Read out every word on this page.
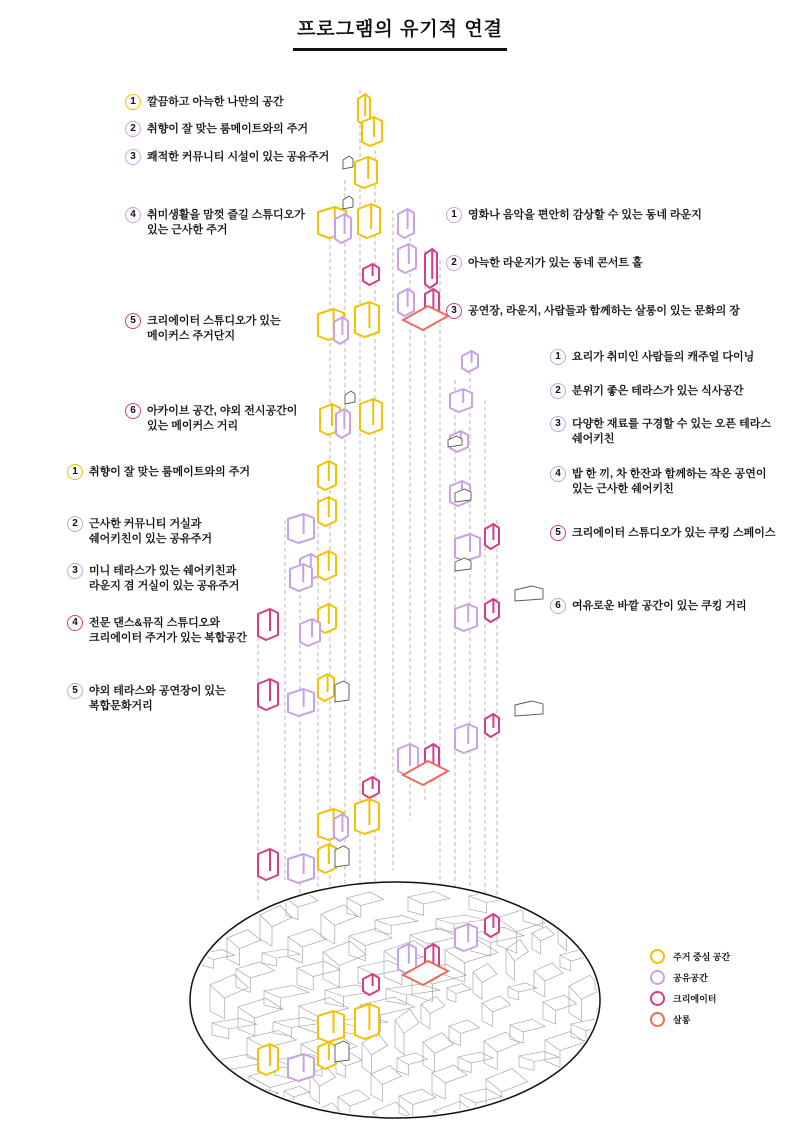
프로그램의 유기적 연결
1	깔끔하고 아늑한 나만의 공간
2	취향이 잘 맞는 룸메이트와의 주거
3	쾌적한 커뮤니티 시설이 있는 공유주거
4	취미생활을 맘껏 즐길 스튜디오가
있는 근사한 주거
5	크리에이터 스튜디오가 있는
메이커스 주거단지
6	아카이브 공간, 야외 전시공간이
있는 메이커스 거리
1	취향이 잘 맞는 룸메이트와의 주거
2	근사한 커뮤니티 거실과
쉐어키친이 있는 공유주거
3	미니 테라스가 있는 쉐어키친과
라운지 겸 거실이 있는 공유주거
4	전문 댄스&뮤직 스튜디오와
크리에이터 주거가 있는 복합공간
5	야외 테라스와 공연장이 있는
복합문화거리
1	영화나 음악을 편안히 감상할 수 있는 동네 라운지
2	아늑한 라운지가 있는 동네 콘서트 홀
3	공연장, 라운지, 사람들과 함께하는 살롱이 있는 문화의 장
1	요리가 취미인 사람들의 캐주얼 다이닝
2	분위기 좋은 테라스가 있는 식사공간
3	다양한 재료를 구경할 수 있는 오픈 테라스
쉐어키친
4	밥 한 끼, 차 한잔과 함께하는 작은 공연이
있는 근사한 쉐어키친
5	크리에이터 스튜디오가 있는 쿠킹 스페이스
6	여유로운 바깥 공간이 있는 쿠킹 거리
주거 중심 공간
공유공간
크리에이터
살롱
